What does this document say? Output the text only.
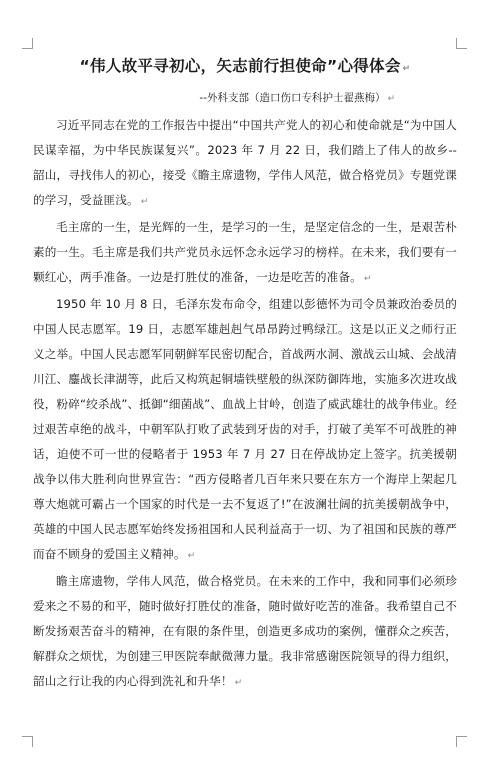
“伟人故平寻初心，矢志前行担使命”心得体会 ↵

--外科支部（造口伤口专科护士翟燕梅） ↵

习近平同志在党的工作报告中提出“中国共产党人的初心和使命就是“为中国人民谋幸福，为中华民族谋复兴”。2023 年 7 月 22 日，我们踏上了伟人的故乡--韶山，寻找伟人的初心，接受《瞻主席遗物，学伟人风范，做合格党员》专题党课的学习，受益匪浅。 ↵

毛主席的一生，是光辉的一生，是学习的一生，是坚定信念的一生，是艰苦朴素的一生。毛主席是我们共产党员永远怀念永远学习的榜样。在未来，我们要有一颗红心，两手准备。一边是打胜仗的准备，一边是吃苦的准备。 ↵

1950 年 10 月 8 日，毛泽东发布命令，组建以彭德怀为司令员兼政治委员的中国人民志愿军。19 日，志愿军雄赳赳气昂昂跨过鸭绿江。这是以正义之师行正义之举。中国人民志愿军同朝鲜军民密切配合，首战两水洞、激战云山城、会战清川江、鏖战长津湖等，此后又构筑起铜墙铁壁般的纵深防御阵地，实施多次进攻战役，粉碎“绞杀战”、抵御“细菌战”、血战上甘岭，创造了威武雄壮的战争伟业。经过艰苦卓绝的战斗，中朝军队打败了武装到牙齿的对手，打破了美军不可战胜的神话，迫使不可一世的侵略者于 1953 年 7 月 27 日在停战协定上签字。抗美援朝战争以伟大胜利向世界宣告：“西方侵略者几百年来只要在东方一个海岸上架起几尊大炮就可霸占一个国家的时代是一去不复返了!”在波澜壮阔的抗美援朝战争中，英雄的中国人民志愿军始终发扬祖国和人民利益高于一切、为了祖国和民族的尊严而奋不顾身的爱国主义精神。 ↵

瞻主席遗物，学伟人风范，做合格党员。在未来的工作中，我和同事们必须珍爱来之不易的和平，随时做好打胜仗的准备，随时做好吃苦的准备。我希望自己不断发扬艰苦奋斗的精神，在有限的条件里，创造更多成功的案例，懂群众之疾苦，解群众之烦忧，为创建三甲医院奉献微薄力量。我非常感谢医院领导的得力组织，韶山之行让我的内心得到洗礼和升华！ ↵
